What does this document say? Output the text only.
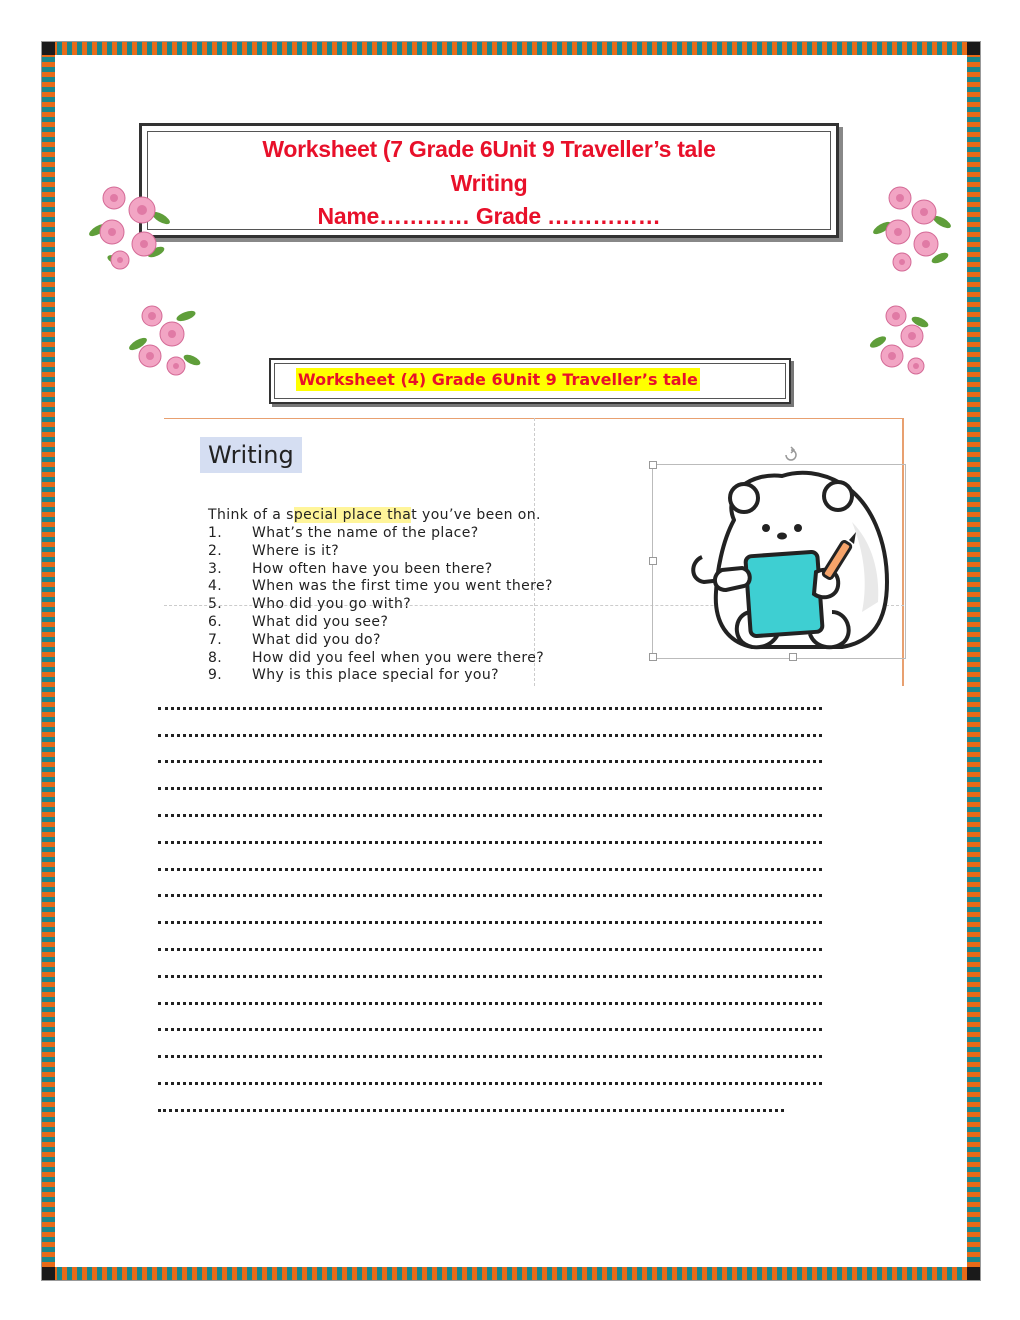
Worksheet (7 Grade 6Unit 9 Traveller’s tale
Writing
Name………… Grade ……………
Worksheet (4) Grade 6Unit 9 Traveller’s tale
Writing
Think of a special place that you’ve been on.
1.	What’s the name of the place?
2.	Where is it?
3.	How often have you been there?
4.	When was the first time you went there?
5.	Who did you go with?
6.	What did you see?
7.	What did you do?
8.	How did you feel when you were there?
9.	Why is this place special for you?
